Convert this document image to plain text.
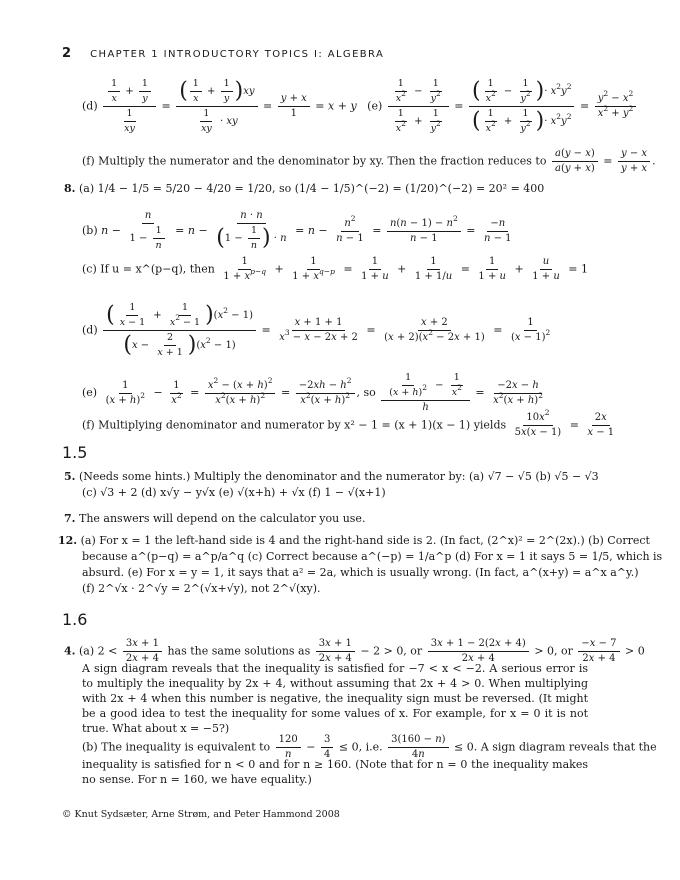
2 CHAPTER 1 INTRODUCTORY TOPICS I: ALGEBRA
$(d) \frac{\frac{1}{x} + \frac{1}{y}}{\frac{1}{xy}} = \frac{( \frac{1}{x} + \frac{1}{y} )xy}{\frac{1}{xy} \cdot xy} = \frac{y + x}{1} = x + y$ $(e) \frac{\frac{1}{x^2} - \frac{1}{y^2}}{\frac{1}{x^2} + \frac{1}{y^2}} = \frac{( \frac{1}{x^2} - \frac{1}{y^2} )\cdot x^2y^2}{( \frac{1}{x^2} + \frac{1}{y^2} )\cdot x^2y^2} = \frac{y^2 - x^2}{x^2 + y^2}$
(f) Multiply the numerator and the denominator by xy. Then the fraction reduces to $\frac{a(y - x)}{a(y + x)} = \frac{y - x}{y + x}$ .
8. (a) 1/4 − 1/5 = 5/20 − 4/20 = 1/20, so (1/4 − 1/5)^(−2) = (1/20)^(−2) = 20² = 400
(b) $n - \frac{n}{1 - \frac{1}{n}} = n - \frac{n \cdot n}{(1 - \frac{1}{n} ) \cdot n} = n - \frac{n^2}{n - 1} = \frac{n(n - 1) - n^2}{n - 1} = \frac{-n}{n - 1}$
(c) If u = x^(p−q), then $\frac{1}{1 + x^{p-q}} + \frac{1}{1 + x^{q-p}} = \frac{1}{1 + u} + \frac{1}{1 + 1/u} = \frac{1}{1 + u} + \frac{u}{1 + u} = 1$
$(d) \frac{( \frac{1}{x - 1} + \frac{1}{x^2 - 1} )(x^2 - 1)}{(x - \frac{2}{x + 1} )(x^2 - 1)} = \frac{x + 1 + 1}{x^3 - x - 2x + 2} = \frac{x + 2}{(x + 2)(x^2 - 2x + 1)} = \frac{1}{(x - 1)^2}$
$(e) \frac{1}{(x + h)^2} - \frac{1}{x^2} = \frac{x^2 - (x + h)^2}{x^2(x + h)^2} = \frac{-2xh - h^2}{x^2(x + h)^2}$ , so $\frac{\frac{1}{(x + h)^2} - \frac{1}{x^2}}{h} = \frac{-2x - h}{x^2(x + h)^2}$
(f) Multiplying denominator and numerator by x² − 1 = (x + 1)(x − 1) yields $\frac{10x^2}{5x(x - 1)} = \frac{2x}{x - 1}$
1.5
5. (Needs some hints.) Multiply the denominator and the numerator by: (a) √7 − √5 (b) √5 − √3
(c) √3 + 2 (d) x√y − y√x (e) √(x+h) + √x (f) 1 − √(x+1)
7. The answers will depend on the calculator you use.
12. (a) For x = 1 the left-hand side is 4 and the right-hand side is 2. (In fact, (2^x)² = 2^(2x).) (b) Correct
because a^(p−q) = a^p/a^q (c) Correct because a^(−p) = 1/a^p (d) For x = 1 it says 5 = 1/5, which is
absurd. (e) For x = y = 1, it says that a² = 2a, which is usually wrong. (In fact, a^(x+y) = a^x a^y.)
(f) 2^√x · 2^√y = 2^(√x+√y), not 2^√(xy).
1.6
4. (a) $2 < \frac{3x + 1}{2x + 4}$ has the same solutions as $\frac{3x + 1}{2x + 4} - 2 > 0$, or $\frac{3x + 1 - 2(2x + 4)}{2x + 4} > 0$, or $\frac{-x - 7}{2x + 4} > 0$
A sign diagram reveals that the inequality is satisfied for −7 < x < −2. A serious error is to multiply the inequality by 2x + 4, without assuming that 2x + 4 > 0. When multiplying with 2x + 4 when this number is negative, the inequality sign must be reversed. (It might be a good idea to test the inequality for some values of x. For example, for x = 0 it is not true. What about x = −5?)
(b) The inequality is equivalent to $\frac{120}{n} - \frac{3}{4} \le 0$, i.e. $\frac{3(160 - n)}{4n} \le 0$. A sign diagram reveals that the
inequality is satisfied for n < 0 and for n ≥ 160. (Note that for n = 0 the inequality makes no sense. For n = 160, we have equality.)
© Knut Sydsæter, Arne Strøm, and Peter Hammond 2008
